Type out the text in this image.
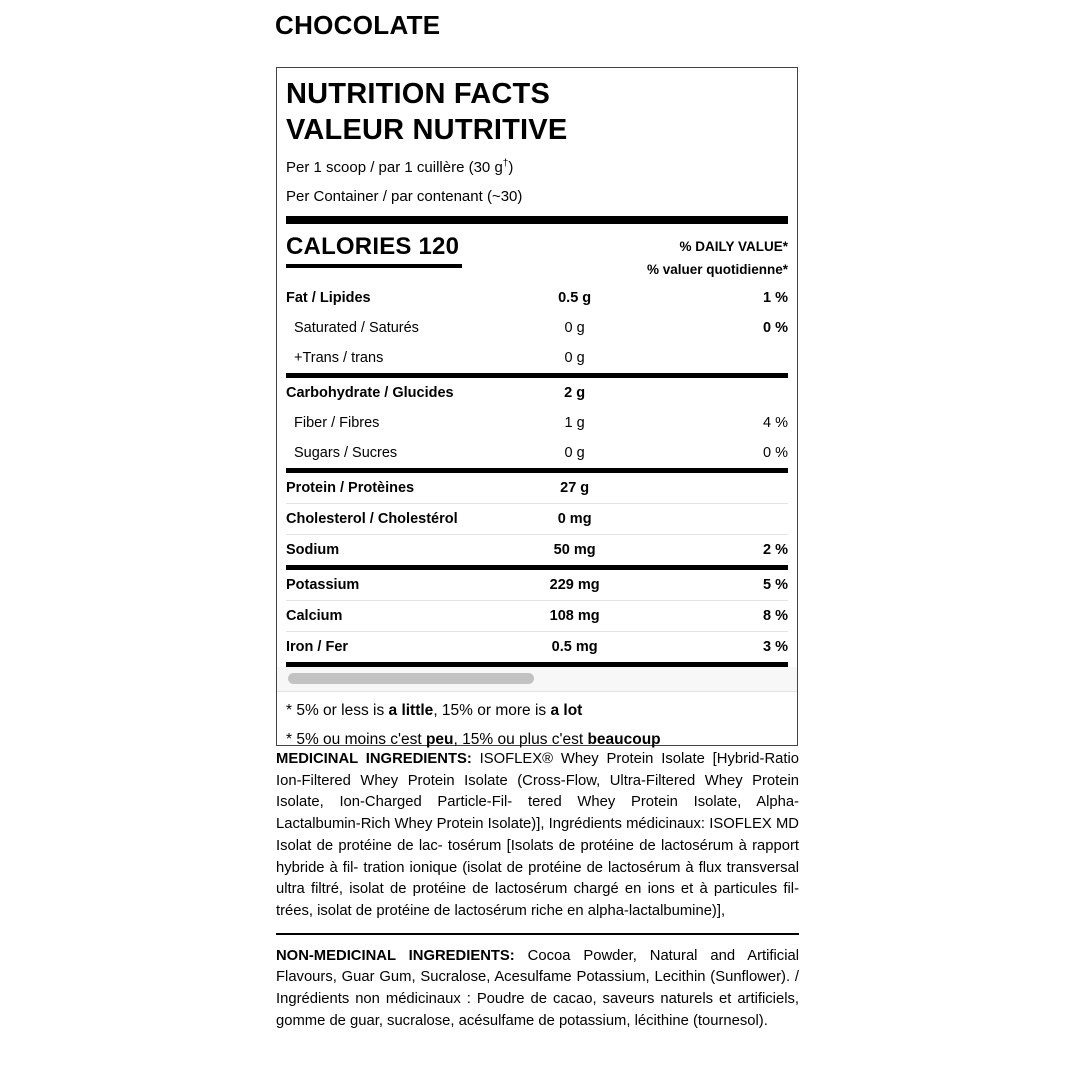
CHOCOLATE
NUTRITION FACTS
VALEUR NUTRITIVE

Per 1 scoop / par 1 cuillère (30 g†)

Per Container / par contenant (~30)

CALORIES 120	% DAILY VALUE*
% valuer quotidienne*
Fat / Lipides	0.5 g	1 %
Saturated / Saturés	0 g	0 %
+Trans / trans	0 g
Carbohydrate / Glucides	2 g
Fiber / Fibres	1 g	4 %
Sugars / Sucres	0 g	0 %
Protein / Protèines	27 g
Cholesterol / Cholestérol	0 mg
Sodium	50 mg	2 %
Potassium	229 mg	5 %
Calcium	108 mg	8 %
Iron / Fer	0.5 mg	3 %

* 5% or less is a little, 15% or more is a lot

* 5% ou moins c'est peu, 15% ou plus c'est beaucoup

MEDICINAL INGREDIENTS: ISOFLEX® Whey Protein Isolate [Hybrid-Ratio Ion-Filtered Whey Protein Isolate (Cross-Flow, Ultra-Filtered Whey Protein Isolate, Ion-Charged Particle-Fil- tered Whey Protein Isolate, Alpha-Lactalbumin-Rich Whey Protein Isolate)], Ingrédients médicinaux: ISOFLEX MD Isolat de protéine de lac- tosérum [Isolats de protéine de lactosérum à rapport hybride à fil- tration ionique (isolat de protéine de lactosérum à flux transversal ultra filtré, isolat de protéine de lactosérum chargé en ions et à particules fil- trées, isolat de protéine de lactosérum riche en alpha-lactalbumine)],

NON-MEDICINAL INGREDIENTS: Cocoa Powder, Natural and Artificial Flavours, Guar Gum, Sucralose, Acesulfame Potassium, Lecithin (Sunflower). / Ingrédients non médicinaux : Poudre de cacao, saveurs naturels et artificiels, gomme de guar, sucralose, acésulfame de potassium, lécithine (tournesol).
